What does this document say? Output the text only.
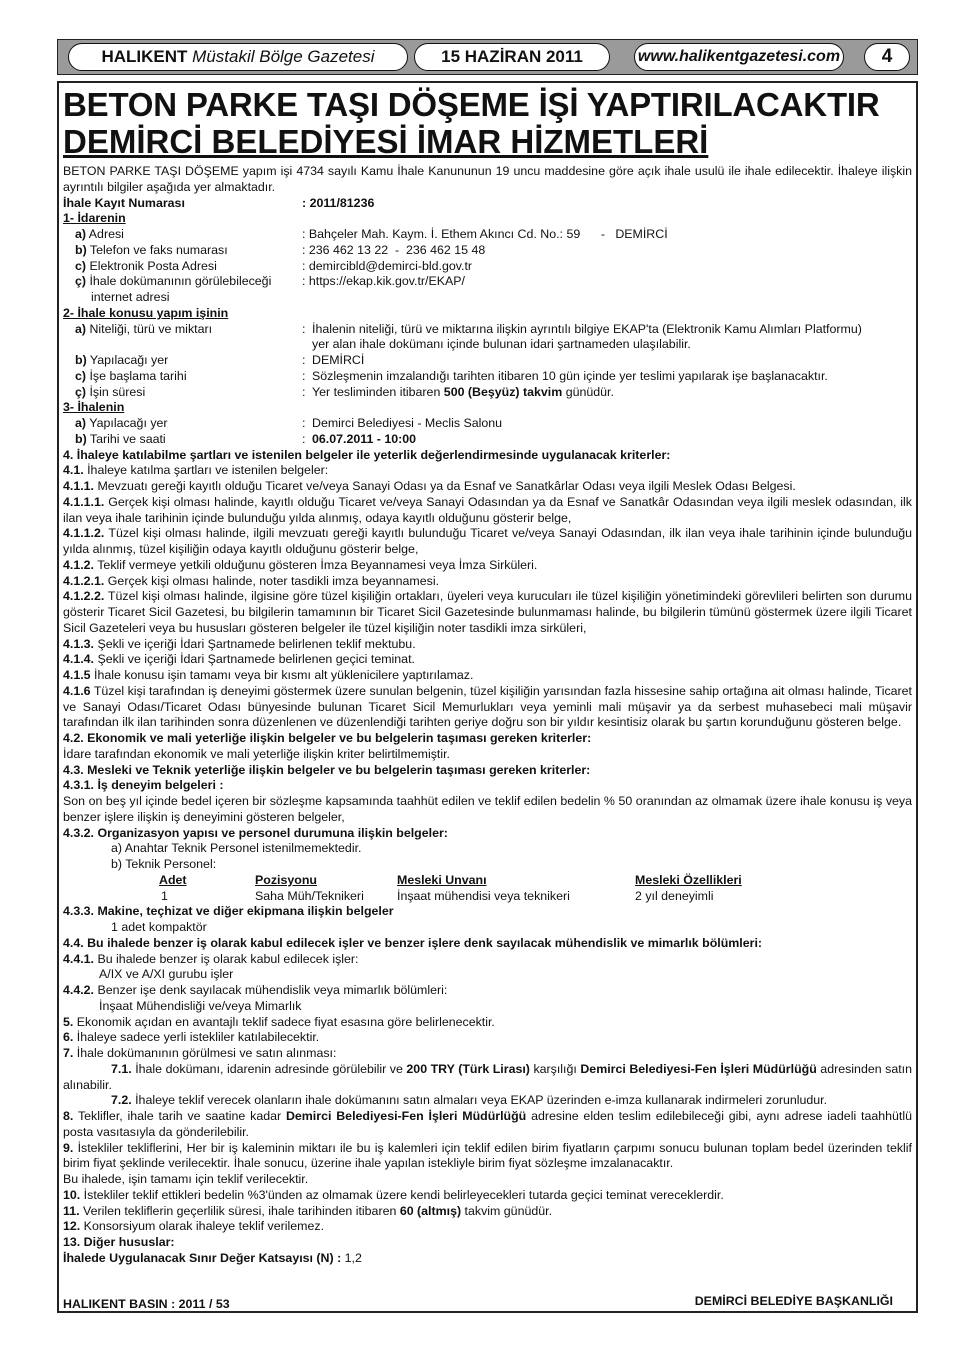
HALIKENT
Müstakil Bölge Gazetesi	15 HAZİRAN 2011	www.halikentgazetesi.com 4
BETON PARKE TAŞI DÖŞEME İŞİ YAPTIRILACAKTIR
DEMİRCİ BELEDİYESİ İMAR HİZMETLERİ

BETON PARKE TAŞI DÖŞEME yapım işi 4734 sayılı Kamu İhale Kanununun 19 uncu maddesine göre açık ihale usulü ile ihale edilecektir. İhaleye ilişkin ayrıntılı bilgiler aşağıda yer almaktadır.

İhale Kayıt Numarası	: 2011/81236
1- İdarenin
a) Adresi	: Bahçeler Mah. Kaym. İ. Ethem Akıncı Cd. No.: 59      -   DEMİRCİ
b) Telefon ve faks numarası	: 236 462 13 22  -  236 462 15 48
c) Elektronik Posta Adresi	: demircibld@demirci-bld.gov.tr
ç) İhale dokümanının görülebileceği	: https://ekap.kik.gov.tr/EKAP/
internet adresi
2- İhale konusu yapım işinin
a) Niteliği, türü ve miktarı	: İhalenin niteliği, türü ve miktarına ilişkin ayrıntılı bilgiye EKAP'ta (Elektronik Kamu Alımları Platformu)
yer alan ihale dokümanı içinde bulunan idari şartnameden ulaşılabilir.
b) Yapılacağı yer	: DEMİRCİ
c) İşe başlama tarihi	: Sözleşmenin imzalandığı tarihten itibaren 10 gün içinde yer teslimi yapılarak işe başlanacaktır.
ç) İşin süresi	: Yer tesliminden itibaren 500 (Beşyüz) takvim günüdür.
3- İhalenin
a) Yapılacağı yer	: Demirci Belediyesi - Meclis Salonu
b) Tarihi ve saati	: 06.07.2011 - 10:00
4. İhaleye katılabilme şartları ve istenilen belgeler ile yeterlik değerlendirmesinde uygulanacak kriterler:

4.1. İhaleye katılma şartları ve istenilen belgeler:

4.1.1. Mevzuatı gereği kayıtlı olduğu Ticaret ve/veya Sanayi Odası ya da Esnaf ve Sanatkârlar Odası veya ilgili Meslek Odası Belgesi.

4.1.1.1. Gerçek kişi olması halinde, kayıtlı olduğu Ticaret ve/veya Sanayi Odasından ya da Esnaf ve Sanatkâr Odasından veya ilgili meslek odasından, ilk ilan veya ihale tarihinin içinde bulunduğu yılda alınmış, odaya kayıtlı olduğunu gösterir belge,

4.1.1.2. Tüzel kişi olması halinde, ilgili mevzuatı gereği kayıtlı bulunduğu Ticaret ve/veya Sanayi Odasından, ilk ilan veya ihale tarihinin içinde bulunduğu yılda alınmış, tüzel kişiliğin odaya kayıtlı olduğunu gösterir belge,

4.1.2. Teklif vermeye yetkili olduğunu gösteren İmza Beyannamesi veya İmza Sirküleri.

4.1.2.1. Gerçek kişi olması halinde, noter tasdikli imza beyannamesi.

4.1.2.2. Tüzel kişi olması halinde, ilgisine göre tüzel kişiliğin ortakları, üyeleri veya kurucuları ile tüzel kişiliğin yönetimindeki görevlileri belirten son durumu gösterir Ticaret Sicil Gazetesi, bu bilgilerin tamamının bir Ticaret Sicil Gazetesinde bulunmaması halinde, bu bilgilerin tümünü göstermek üzere ilgili Ticaret Sicil Gazeteleri veya bu hususları gösteren belgeler ile tüzel kişiliğin noter tasdikli imza sirküleri,

4.1.3. Şekli ve içeriği İdari Şartnamede belirlenen teklif mektubu.

4.1.4. Şekli ve içeriği İdari Şartnamede belirlenen geçici teminat.

4.1.5 İhale konusu işin tamamı veya bir kısmı alt yüklenicilere yaptırılamaz.

4.1.6 Tüzel kişi tarafından iş deneyimi göstermek üzere sunulan belgenin, tüzel kişiliğin yarısından fazla hissesine sahip ortağına ait olması halinde, Ticaret ve Sanayi Odası/Ticaret Odası bünyesinde bulunan Ticaret Sicil Memurlukları veya yeminli mali müşavir ya da serbest muhasebeci mali müşavir tarafından ilk ilan tarihinden sonra düzenlenen ve düzenlendiği tarihten geriye doğru son bir yıldır kesintisiz olarak bu şartın korunduğunu gösteren belge.

4.2. Ekonomik ve mali yeterliğe ilişkin belgeler ve bu belgelerin taşıması gereken kriterler:

İdare tarafından ekonomik ve mali yeterliğe ilişkin kriter belirtilmemiştir.

4.3. Mesleki ve Teknik yeterliğe ilişkin belgeler ve bu belgelerin taşıması gereken kriterler:
4.3.1. İş deneyim belgeleri :

Son on beş yıl içinde bedel içeren bir sözleşme kapsamında taahhüt edilen ve teklif edilen bedelin % 50 oranından az olmamak üzere ihale konusu iş veya benzer işlere ilişkin iş deneyimini gösteren belgeler,

4.3.2. Organizasyon yapısı ve personel durumuna ilişkin belgeler:
a) Anahtar Teknik Personel istenilmemektedir.
b) Teknik Personel:
Adet	Pozisyonu	Mesleki Unvanı	Mesleki Özellikleri
1	Saha Müh/Teknikeri	İnşaat mühendisi veya teknikeri	2 yıl deneyimli
4.3.3. Makine, teçhizat ve diğer ekipmana ilişkin belgeler
1 adet kompaktör
4.4. Bu ihalede benzer iş olarak kabul edilecek işler ve benzer işlere denk sayılacak mühendislik ve mimarlık bölümleri:

4.4.1. Bu ihalede benzer iş olarak kabul edilecek işler:

A/IX ve A/XI gurubu işler

4.4.2. Benzer işe denk sayılacak mühendislik veya mimarlık bölümleri:

İnşaat Mühendisliği ve/veya Mimarlık

5. Ekonomik açıdan en avantajlı teklif sadece fiyat esasına göre belirlenecektir.

6. İhaleye sadece yerli istekliler katılabilecektir.

7. İhale dokümanının görülmesi ve satın alınması:

7.1. İhale dokümanı, idarenin adresinde görülebilir ve 200 TRY (Türk Lirası) karşılığı Demirci Belediyesi-Fen İşleri Müdürlüğü adresinden satın alınabilir.

7.2. İhaleye teklif verecek olanların ihale dokümanını satın almaları veya EKAP üzerinden e-imza kullanarak indirmeleri zorunludur.

8. Teklifler, ihale tarih ve saatine kadar Demirci Belediyesi-Fen İşleri Müdürlüğü adresine elden teslim edilebileceği gibi, aynı adrese iadeli taahhütlü posta vasıtasıyla da gönderilebilir.

9. İstekliler tekliflerini, Her bir iş kaleminin miktarı ile bu iş kalemleri için teklif edilen birim fiyatların çarpımı sonucu bulunan toplam bedel üzerinden teklif birim fiyat şeklinde verilecektir. İhale sonucu, üzerine ihale yapılan istekliyle birim fiyat sözleşme imzalanacaktır.

Bu ihalede, işin tamamı için teklif verilecektir.

10. İstekliler teklif ettikleri bedelin %3'ünden az olmamak üzere kendi belirleyecekleri tutarda geçici teminat vereceklerdir.

11. Verilen tekliflerin geçerlilik süresi, ihale tarihinden itibaren 60 (altmış) takvim günüdür.

12. Konsorsiyum olarak ihaleye teklif verilemez.

13. Diğer hususlar:

İhalede Uygulanacak Sınır Değer Katsayısı (N) : 1,2

HALIKENT BASIN : 2011 / 53	DEMİRCİ BELEDİYE BAŞKANLIĞI
